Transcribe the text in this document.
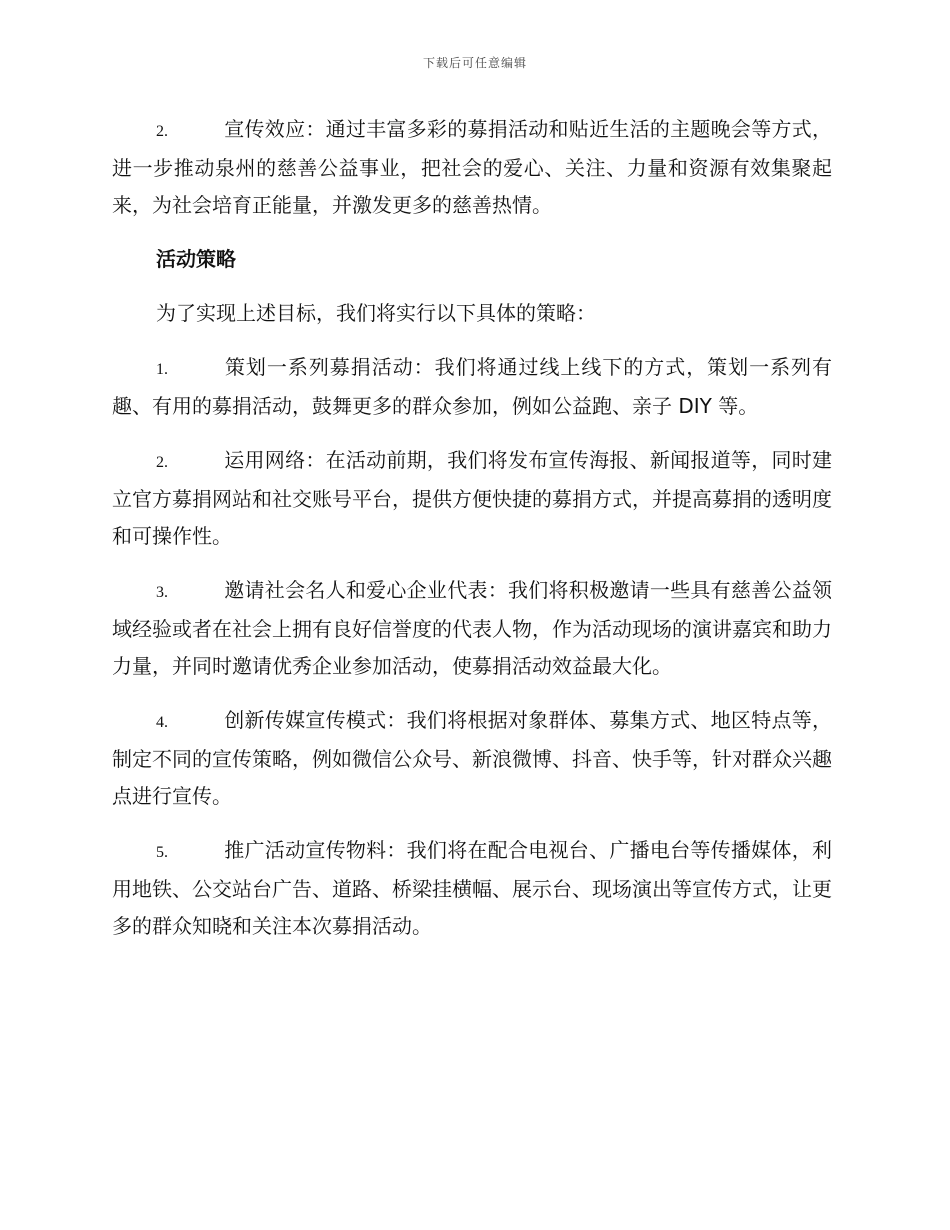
下载后可任意编辑

2.	宣传效应：通过丰富多彩的募捐活动和贴近生活的主题晚会等方式，进一步推动泉州的慈善公益事业，把社会的爱心、关注、力量和资源有效集聚起来，为社会培育正能量，并激发更多的慈善热情。

活动策略

为了实现上述目标，我们将实行以下具体的策略：

1.	策划一系列募捐活动：我们将通过线上线下的方式，策划一系列有趣、有用的募捐活动，鼓舞更多的群众参加，例如公益跑、亲子 DIY 等。

2.	运用网络：在活动前期，我们将发布宣传海报、新闻报道等，同时建立官方募捐网站和社交账号平台，提供方便快捷的募捐方式，并提高募捐的透明度和可操作性。

3.	邀请社会名人和爱心企业代表：我们将积极邀请一些具有慈善公益领域经验或者在社会上拥有良好信誉度的代表人物，作为活动现场的演讲嘉宾和助力力量，并同时邀请优秀企业参加活动，使募捐活动效益最大化。

4.	创新传媒宣传模式：我们将根据对象群体、募集方式、地区特点等，制定不同的宣传策略，例如微信公众号、新浪微博、抖音、快手等，针对群众兴趣点进行宣传。

5.	推广活动宣传物料：我们将在配合电视台、广播电台等传播媒体，利用地铁、公交站台广告、道路、桥梁挂横幅、展示台、现场演出等宣传方式，让更多的群众知晓和关注本次募捐活动。
